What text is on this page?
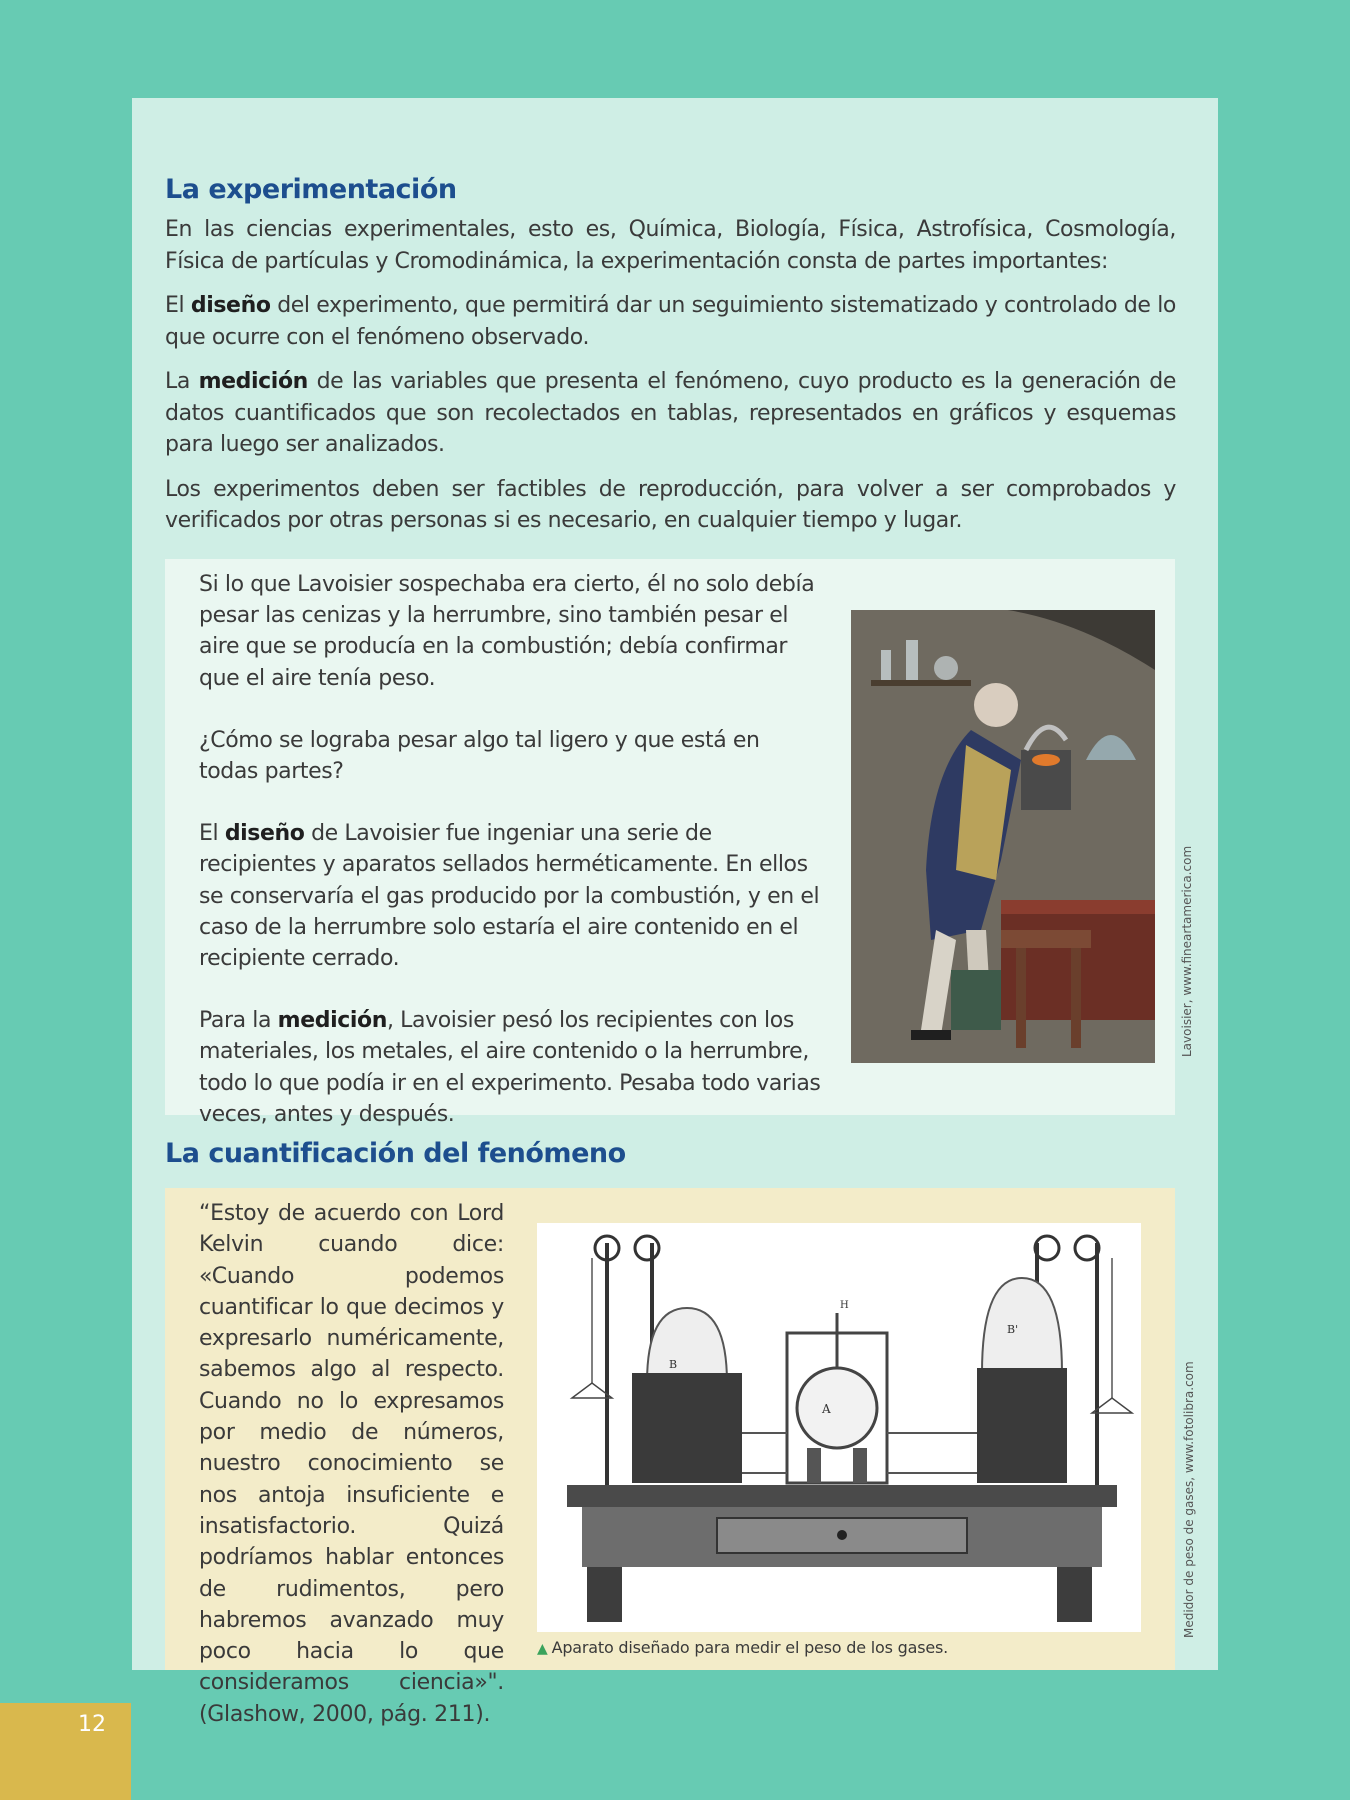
La experimentación

En las ciencias experimentales, esto es, Química, Biología, Física, Astrofísica, Cosmología, Física de partículas y Cromodinámica, la experimentación consta de partes importantes:

El diseño del experimento, que permitirá dar un seguimiento sistematizado y controlado de lo que ocurre con el fenómeno observado.

La medición de las variables que presenta el fenómeno, cuyo producto es la generación de datos cuantificados que son recolectados en tablas, representados en gráficos y esquemas para luego ser analizados.

Los experimentos deben ser factibles de reproducción, para volver a ser comprobados y verificados por otras personas si es necesario, en cualquier tiempo y lugar.

Si lo que Lavoisier sospechaba era cierto, él no solo debía pesar las cenizas y la herrumbre, sino también pesar el aire que se producía en la combustión; debía confirmar que el aire tenía peso.

¿Cómo se lograba pesar algo tal ligero y que está en todas partes?

El diseño de Lavoisier fue ingeniar una serie de recipientes y aparatos sellados herméticamente. En ellos se conservaría el gas producido por la combustión, y en el caso de la herrumbre solo estaría el aire contenido en el recipiente cerrado.

Para la medición, Lavoisier pesó los recipientes con los materiales, los metales, el aire contenido o la herrumbre, todo lo que podía ir en el experimento. Pesaba todo varias veces, antes y después.

Lavoisier, www.fineartamerica.com
La cuantificación del fenómeno

“Estoy de acuerdo con Lord Kelvin cuando dice: «Cuando podemos cuantificar lo que decimos y expresarlo numéricamente, sabemos algo al respecto. Cuando no lo expresamos por medio de números, nuestro conocimiento se nos antoja insuficiente e insatisfactorio. Quizá podríamos hablar entonces de rudimentos, pero habremos avanzado muy poco hacia lo que consideramos ciencia»". (Glashow, 2000, pág. 211).

B
B'
A
H
▲ Aparato diseñado para medir el peso de los gases.
Medidor de peso de gases, www.fotolibra.com
12
